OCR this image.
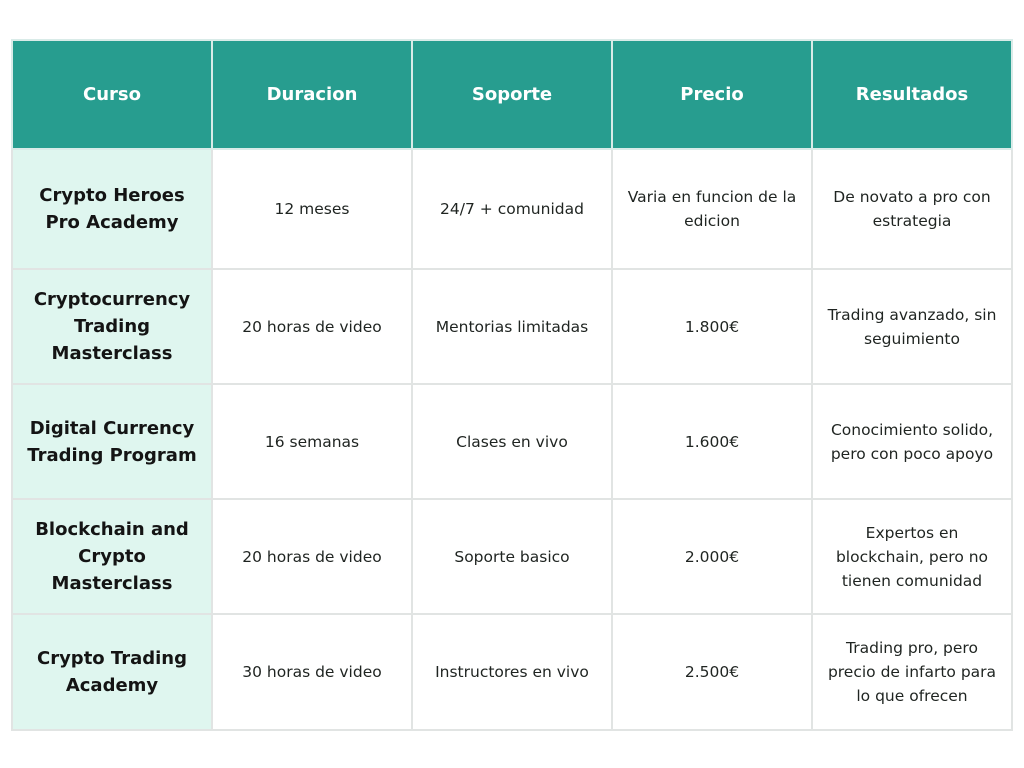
Curso	Duracion	Soporte	Precio	Resultados
Crypto Heroes Pro Academy	12 meses	24/7 + comunidad	Varia en funcion de la edicion	De novato a pro con estrategia
Cryptocurrency Trading Masterclass	20 horas de video	Mentorias limitadas	1.800€	Trading avanzado, sin seguimiento
Digital Currency Trading Program	16 semanas	Clases en vivo	1.600€	Conocimiento solido, pero con poco apoyo
Blockchain and Crypto Masterclass	20 horas de video	Soporte basico	2.000€	Expertos en blockchain, pero no tienen comunidad
Crypto Trading Academy	30 horas de video	Instructores en vivo	2.500€	Trading pro, pero precio de infarto para lo que ofrecen
